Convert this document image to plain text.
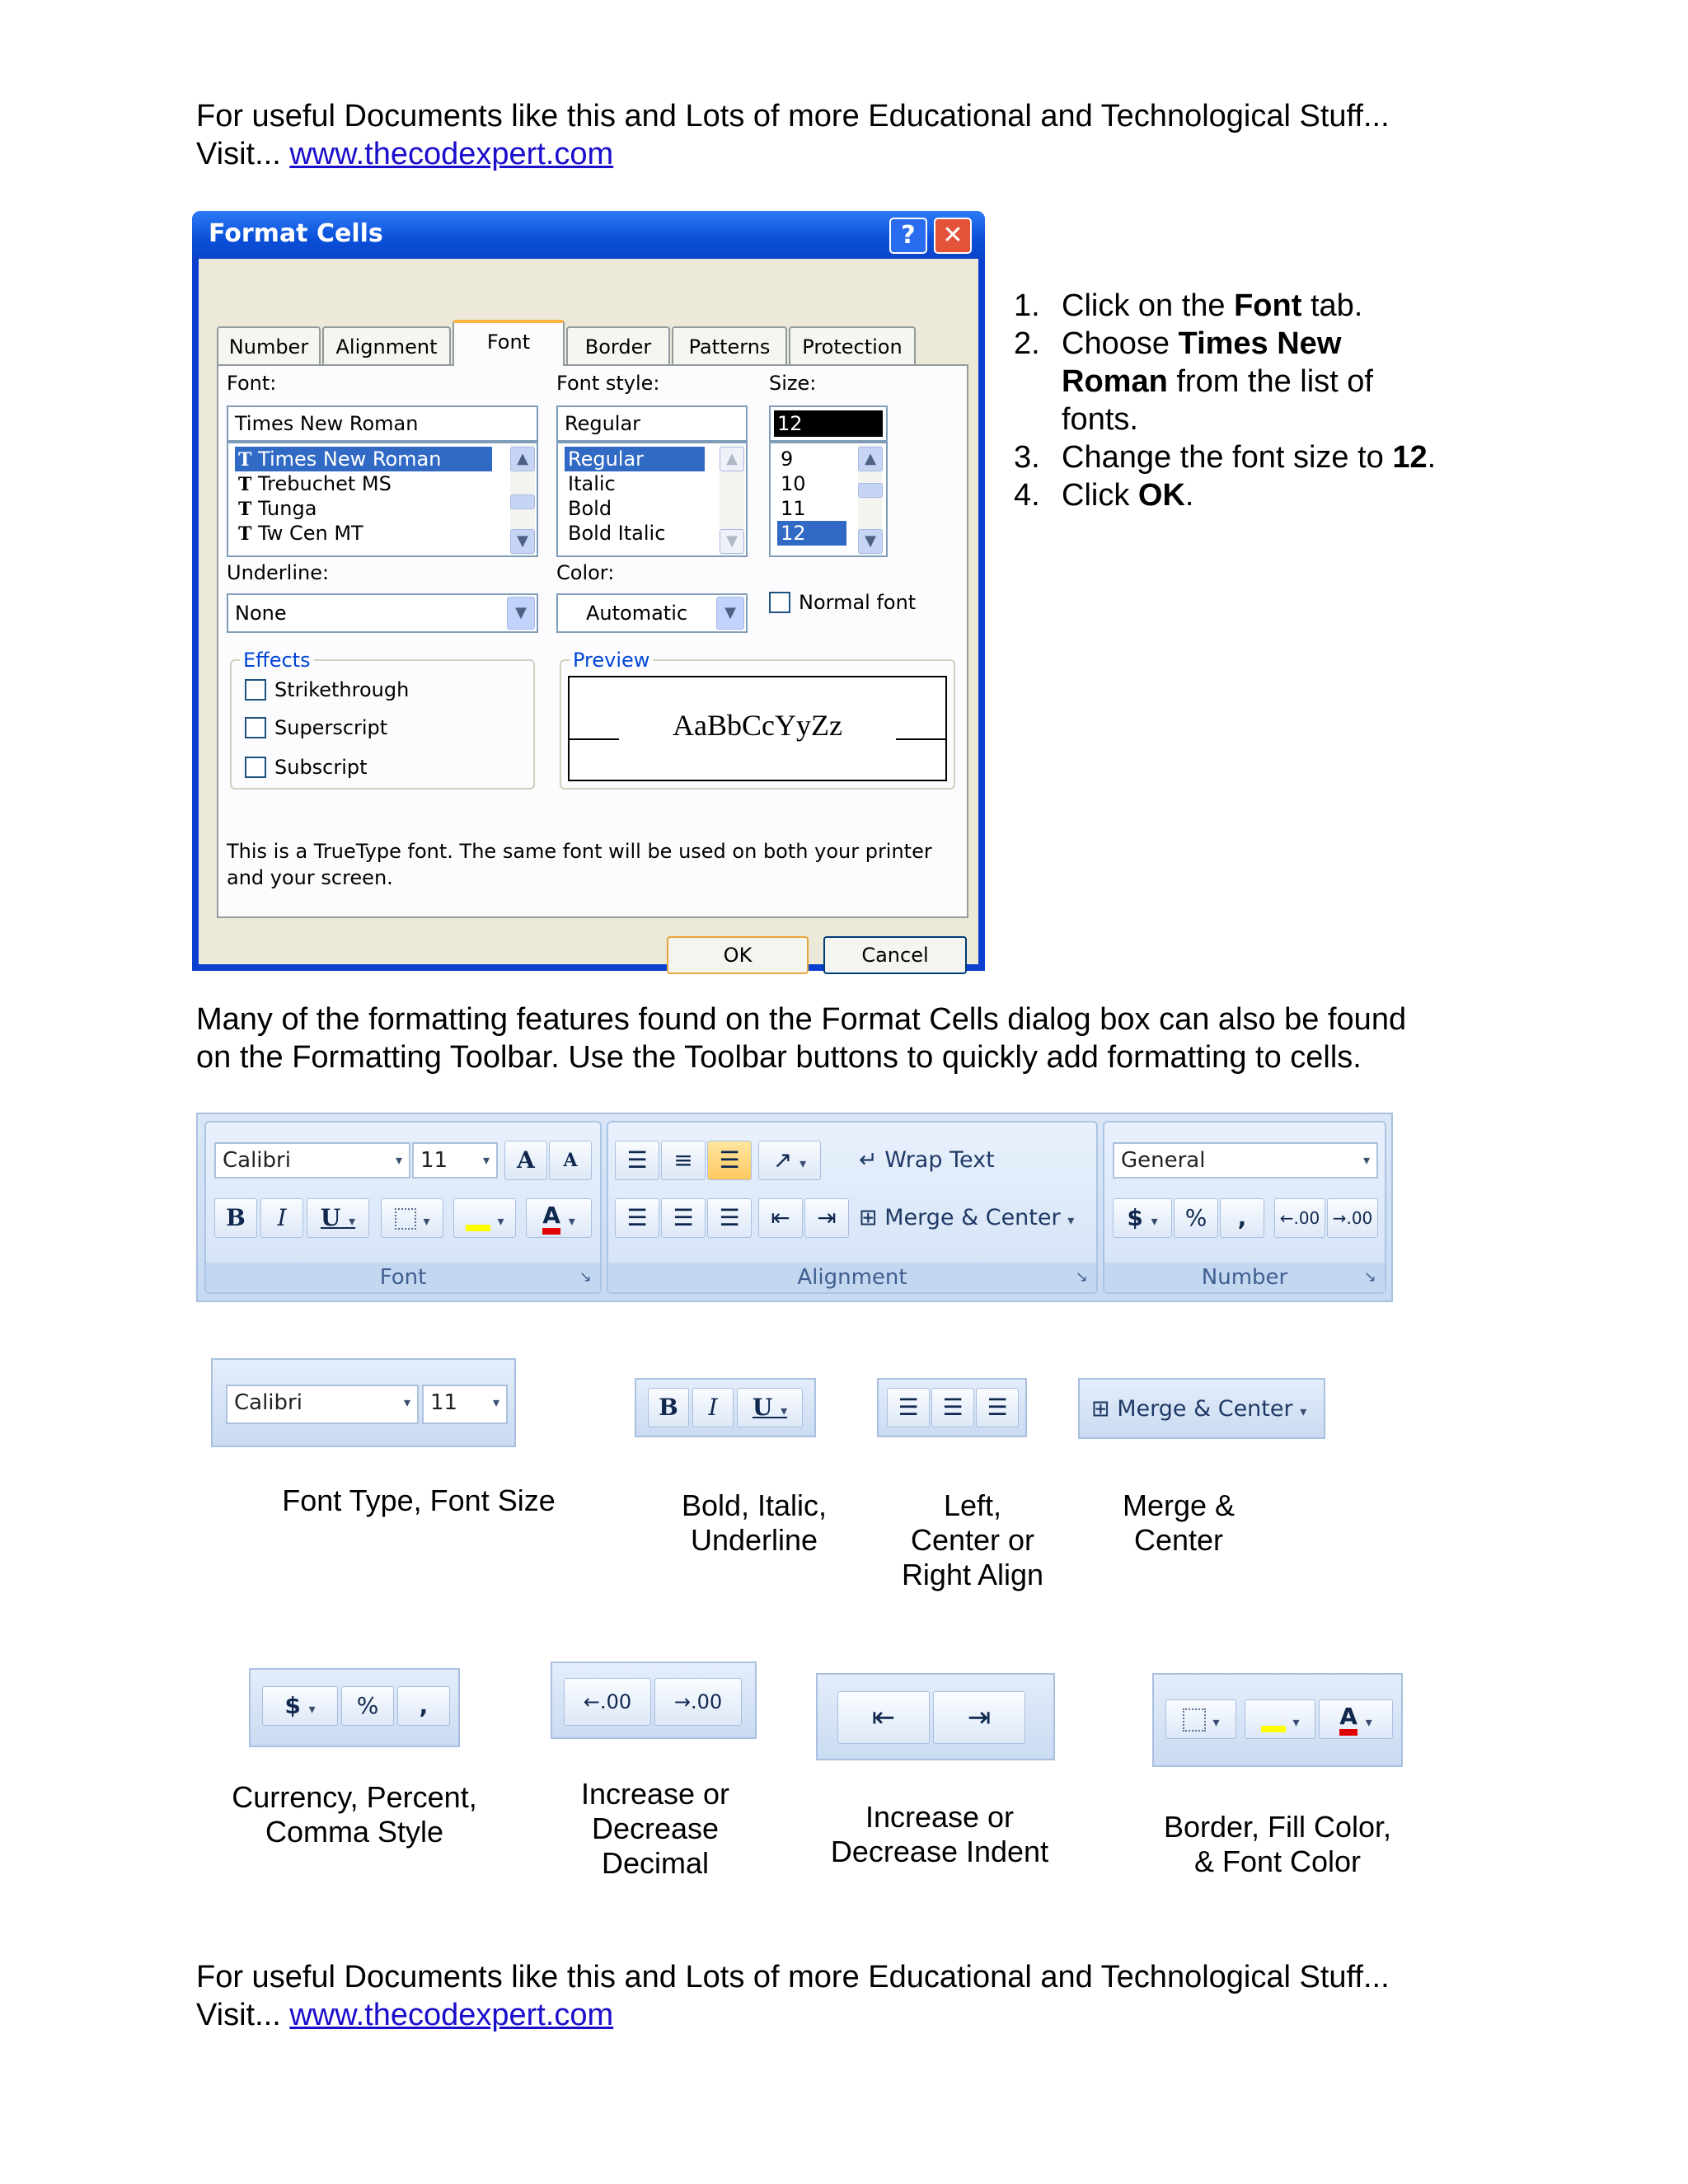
For useful Documents like this and Lots of more Educational and Technological Stuff...
Visit... www.thecodexpert.com
Format Cells	?	✕
Number	Alignment	Font	Border	Patterns	Protection
Font:
Times New Roman
T Times New Roman
T Trebuchet MS
T Tunga
T Tw Cen MT
▲
▼
Font style:
Regular
Regular
Italic
Bold
Bold Italic
▲
▼
Size:
12
9
10
11
12
▲
▼
Underline:
None	▼
Color:
Automatic	▼	Normal font
Effects
Strikethrough
Superscript
Subscript
Preview
AaBbCcYyZz
This is a TrueType font. The same font will be used on both your printer
and your screen.
OK	Cancel
1. Click on the Font tab.
2. Choose Times New
Roman from the list of
fonts.
3. Change the font size to 12.
4. Click OK.
Many of the formatting features found on the Format Cells dialog box can also be found
on the Formatting Toolbar. Use the Toolbar buttons to quickly add formatting to cells.
Calibri	▾ 11	▾	A	A
B	I	U ▾	▾	▾	A ▾
Font	↘
☰	≡	☰	↗ ▾	↵ Wrap Text
☰	☰	☰	⇤	⇥	⊞ Merge & Center ▾
Alignment	↘
General	▾
$ ▾	%	,	←.00 →.00
Number	↘
Calibri	▾ 11	▾	B	I	U ▾	☰	☰	☰	⊞ Merge & Center ▾
Font Type, Font Size	Bold, Italic,
Underline
Left,
Center or
Right Align
Merge &
Center
$ ▾	%	,	←.00	→.00	⇤	⇥	▾	▾	A ▾
Currency, Percent,
Comma Style
Increase or
Decrease
Decimal
Increase or
Decrease Indent
Border, Fill Color,
& Font Color
For useful Documents like this and Lots of more Educational and Technological Stuff...
Visit... www.thecodexpert.com
